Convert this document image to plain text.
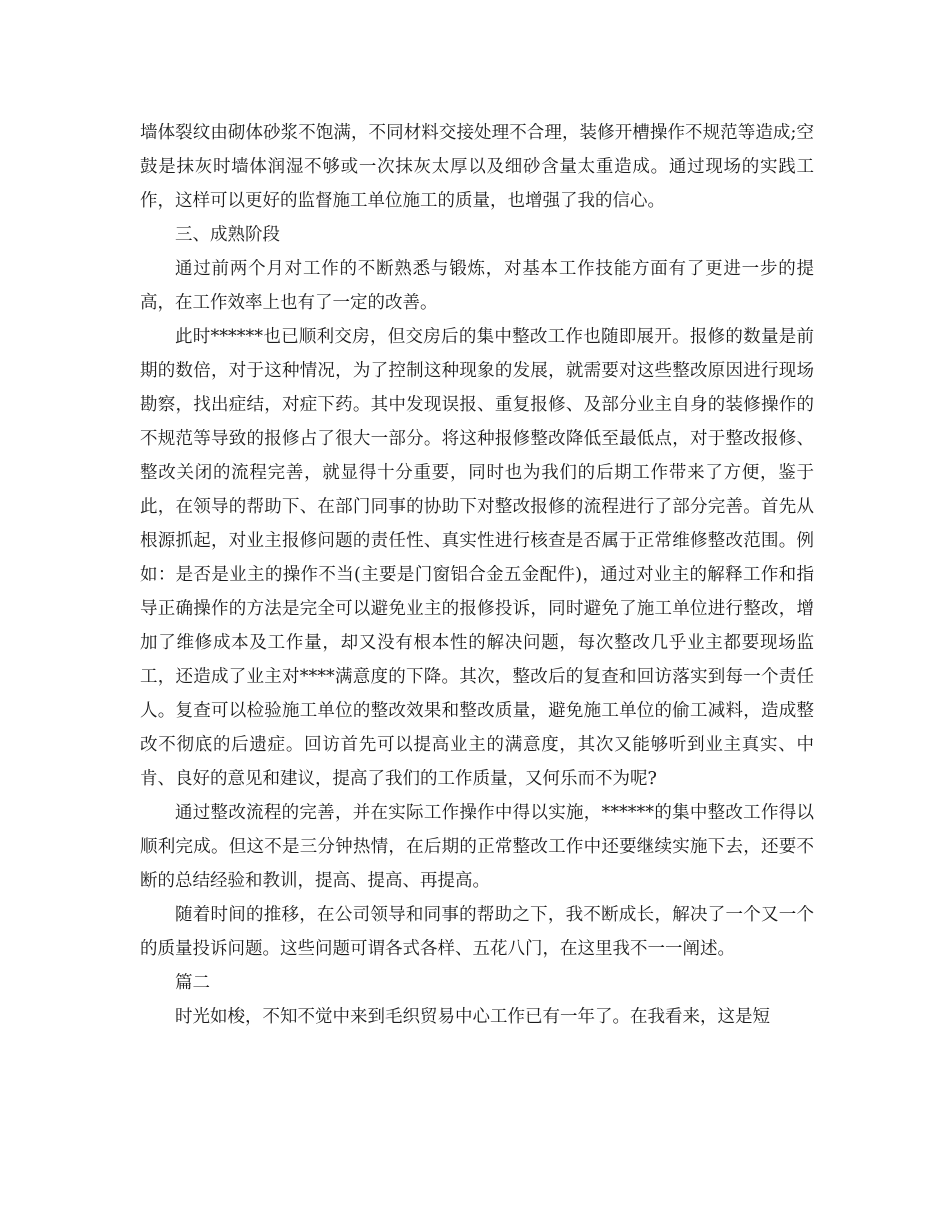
墙体裂纹由砌体砂浆不饱满，不同材料交接处理不合理，装修开槽操作不规范等造成;空鼓是抹灰时墙体润湿不够或一次抹灰太厚以及细砂含量太重造成。通过现场的实践工作，这样可以更好的监督施工单位施工的质量，也增强了我的信心。

三、成熟阶段

通过前两个月对工作的不断熟悉与锻炼，对基本工作技能方面有了更进一步的提高，在工作效率上也有了一定的改善。

此时******也已顺利交房，但交房后的集中整改工作也随即展开。报修的数量是前期的数倍，对于这种情况，为了控制这种现象的发展，就需要对这些整改原因进行现场勘察，找出症结，对症下药。其中发现误报、重复报修、及部分业主自身的装修操作的不规范等导致的报修占了很大一部分。将这种报修整改降低至最低点，对于整改报修、整改关闭的流程完善，就显得十分重要，同时也为我们的后期工作带来了方便，鉴于此，在领导的帮助下、在部门同事的协助下对整改报修的流程进行了部分完善。首先从根源抓起，对业主报修问题的责任性、真实性进行核查是否属于正常维修整改范围。例如：是否是业主的操作不当(主要是门窗铝合金五金配件)，通过对业主的解释工作和指导正确操作的方法是完全可以避免业主的报修投诉，同时避免了施工单位进行整改，增加了维修成本及工作量，却又没有根本性的解决问题，每次整改几乎业主都要现场监工，还造成了业主对****满意度的下降。其次，整改后的复查和回访落实到每一个责任人。复查可以检验施工单位的整改效果和整改质量，避免施工单位的偷工减料，造成整改不彻底的后遗症。回访首先可以提高业主的满意度，其次又能够听到业主真实、中肯、良好的意见和建议，提高了我们的工作质量，又何乐而不为呢?

通过整改流程的完善，并在实际工作操作中得以实施，******的集中整改工作得以顺利完成。但这不是三分钟热情，在后期的正常整改工作中还要继续实施下去，还要不断的总结经验和教训，提高、提高、再提高。

随着时间的推移，在公司领导和同事的帮助之下，我不断成长，解决了一个又一个的质量投诉问题。这些问题可谓各式各样、五花八门，在这里我不一一阐述。

篇二

时光如梭，不知不觉中来到毛织贸易中心工作已有一年了。在我看来，这是短
